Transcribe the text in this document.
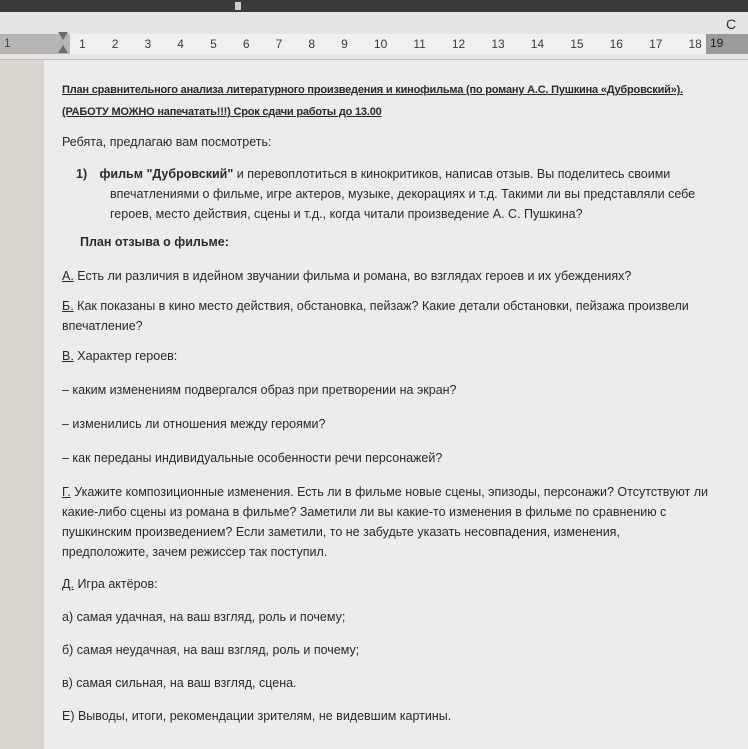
1	1 2 3 4 5 6 7 8 9 10 11 12 13 14 15 16 17 18 19
C

План сравнительного анализа литературного произведения и кинофильма (по роману А.С. Пушкина «Дубровский»).

(РАБОТУ МОЖНО напечатать!!!) Срок сдачи работы до 13.00

Ребята, предлагаю вам посмотреть:

1) фильм "Дубровский" и перевоплотиться в кинокритиков, написав отзыв. Вы поделитесь своими

впечатлениями о фильме, игре актеров, музыке, декорациях и т.д. Такими ли вы представляли себе

героев, место действия, сцены и т.д., когда читали произведение А. С. Пушкина?

План отзыва о фильме:

А. Есть ли различия в идейном звучании фильма и романа, во взглядах героев и их убеждениях?

Б. Как показаны в кино место действия, обстановка, пейзаж? Какие детали обстановки, пейзажа произвели

впечатление?

В. Характер героев:

– каким изменениям подвергался образ при претворении на экран?

– изменились ли отношения между героями?

– как переданы индивидуальные особенности речи персонажей?

Г. Укажите композиционные изменения. Есть ли в фильме новые сцены, эпизоды, персонажи? Отсутствуют ли

какие-либо сцены из романа в фильме? Заметили ли вы какие-то изменения в фильме по сравнению с

пушкинским произведением? Если заметили, то не забудьте указать несовпадения, изменения,

предположите, зачем режиссер так поступил.

Д. Игра актёров:

а) самая удачная, на ваш взгляд, роль и почему;

б) самая неудачная, на ваш взгляд, роль и почему;

в) самая сильная, на ваш взгляд, сцена.

Е) Выводы, итоги, рекомендации зрителям, не видевшим картины.
